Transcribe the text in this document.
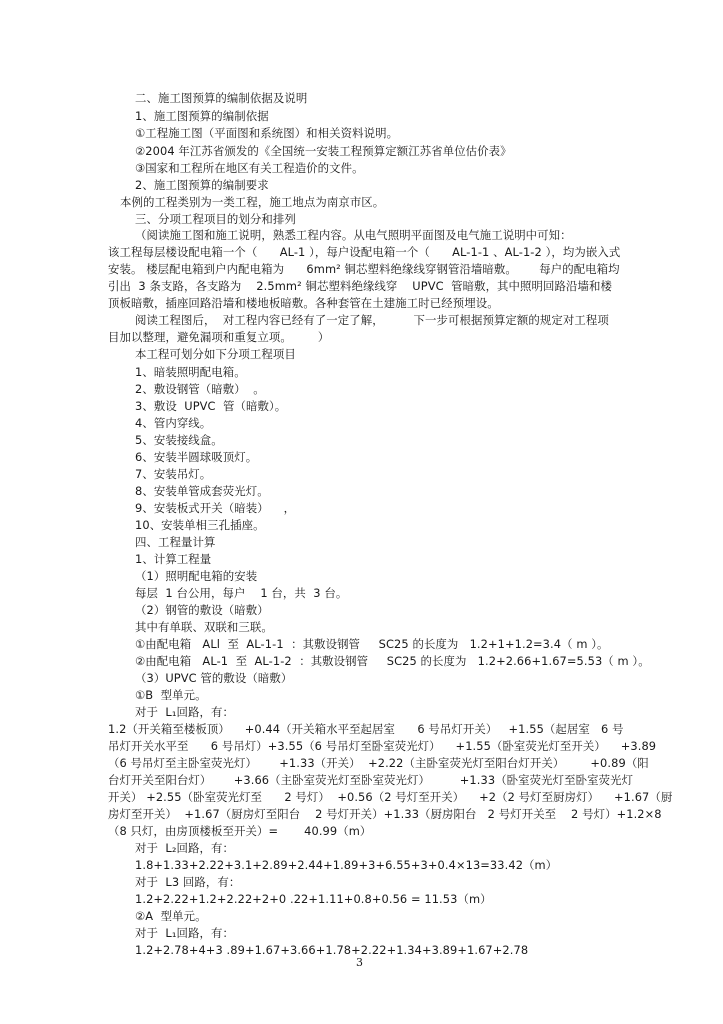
二、施工图预算的编制依据及说明
1、施工图预算的编制依据
①工程施工图（平面图和系统图）和相关资料说明。
②2004 年江苏省颁发的《全国统一安装工程预算定额江苏省单位估价表》
③国家和工程所在地区有关工程造价的文件。
2、施工图预算的编制要求
本例的工程类别为一类工程，施工地点为南京市区。
三、分项工程项目的划分和排列
（阅读施工图和施工说明，熟悉工程内容。从电气照明平面图及电气施工说明中可知：
该工程每层楼设配电箱一个（      AL-1 ），每户设配电箱一个（      AL-1-1 、AL-1-2 ），均为嵌入式
安装。 楼层配电箱到户内配电箱为      6mm² 铜芯塑料绝缘线穿钢管沿墙暗敷。      每户的配电箱均
引出  3 条支路，各支路为    2.5mm² 铜芯塑料绝缘线穿    UPVC  管暗敷，其中照明回路沿墙和楼
顶板暗敷，插座回路沿墙和楼地板暗敷。各种套管在土建施工时已经预埋设。
阅读工程图后，  对工程内容已经有了一定了解，        下一步可根据预算定额的规定对工程项
目加以整理，避免漏项和重复立项。       ）
本工程可划分如下分项工程项目
1、暗装照明配电箱。
2、敷设钢管（暗敷）  。
3、敷设  UPVC  管（暗敷）。
4、管内穿线。
5、安装接线盒。
6、安装半圆球吸顶灯。
7、安装吊灯。
8、安装单管成套荧光灯。
9、安装板式开关（暗装）    ，
10、安装单相三孔插座。
四、工程量计算
1、计算工程量
（1）照明配电箱的安装
每层  1 台公用，每户    1 台，共  3 台。
（2）钢管的敷设（暗敷）
其中有单联、双联和三联。
①由配电箱   ALl  至  AL-1-1  ：其敷设钢管     SC25 的长度为   1.2+1+1.2=3.4（ m ）。
②由配电箱   AL-1  至  AL-1-2  ：其敷设钢管     SC25 的长度为   1.2+2.66+1.67=5.53（ m ）。
（3）UPVC 管的敷设（暗敷）
①B  型单元。
对于  L₁回路，有：
1.2（开关箱至楼板顶）    +0.44（开关箱水平至起居室      6 号吊灯开关）   +1.55（起居室   6 号
吊灯开关水平至      6 号吊灯）+3.55（6 号吊灯至卧室荧光灯）    +1.55（卧室荧光灯至开关）    +3.89
（6 号吊灯至主卧室荧光灯）      +1.33（开关）  +2.22（主卧室荧光灯至阳台灯开关）       +0.89（阳
台灯开关至阳台灯）      +3.66（主卧室荧光灯至卧室荧光灯）        +1.33（卧室荧光灯至卧室荧光灯
开关） +2.55（卧室荧光灯至      2 号灯）  +0.56（2 号灯至开关）    +2（2 号灯至厨房灯）    +1.67（厨
房灯至开关）  +1.67（厨房灯至阳台    2 号灯开关）+1.33（厨房阳台   2 号灯开关至    2 号灯）+1.2×8
（8 只灯，由房顶楼板至开关）=       40.99（m）
对于  L₂回路，有：
1.8+1.33+2.22+3.1+2.89+2.44+1.89+3+6.55+3+0.4×13=33.42（m）
对于  L3 回路，有：
1.2+2.22+1.2+2.22+2+0 .22+1.11+0.8+0.56 = 11.53（m）
②A  型单元。
对于  L₁回路，有：
1.2+2.78+4+3 .89+1.67+3.66+1.78+2.22+1.34+3.89+1.67+2.78
3
